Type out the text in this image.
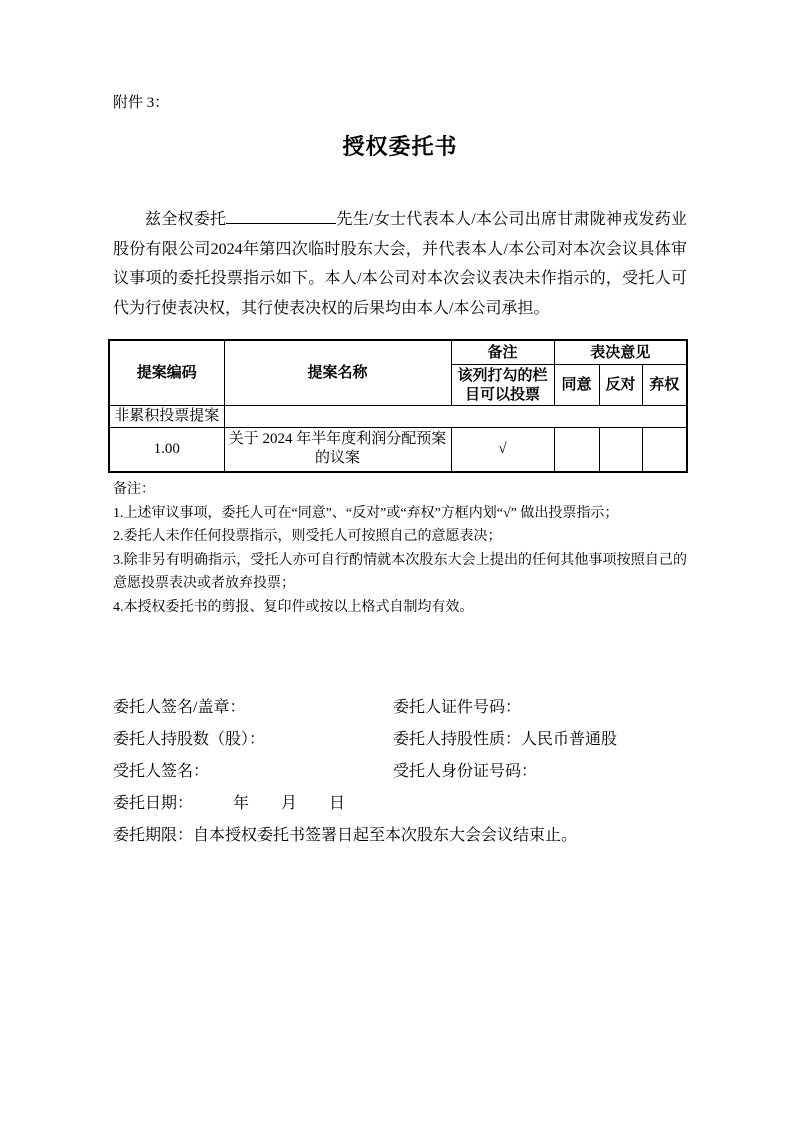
附件 3：
授权委托书

兹全权委托	先生/女士代表本人/本公司出席甘肃陇神戎发药业股份有限公司2024年第四次临时股东大会，并代表本人/本公司对本次会议具体审议事项的委托投票指示如下。本人/本公司对本次会议表决未作指示的，受托人可代为行使表决权，其行使表决权的后果均由本人/本公司承担。

提案编码	提案名称	备注	表决意见		
		该列打勾的栏目可以投票	同意	反对	弃权
非累积投票提案					
1.00	关于 2024 年半年度利润分配预案的议案	√			

备注：

1.上述审议事项，委托人可在“同意”、“反对”或“弃权”方框内划“√” 做出投票指示；

2.委托人未作任何投票指示，则受托人可按照自己的意愿表决；

3.除非另有明确指示，受托人亦可自行酌情就本次股东大会上提出的任何其他事项按照自己的意愿投票表决或者放弃投票；

4.本授权委托书的剪报、复印件或按以上格式自制均有效。

委托人签名/盖章：	委托人证件号码：
委托人持股数（股）：	委托人持股性质：人民币普通股
受托人签名：	受托人身份证号码：
委托日期：　　　年　　月　　日
委托期限：自本授权委托书签署日起至本次股东大会会议结束止。
